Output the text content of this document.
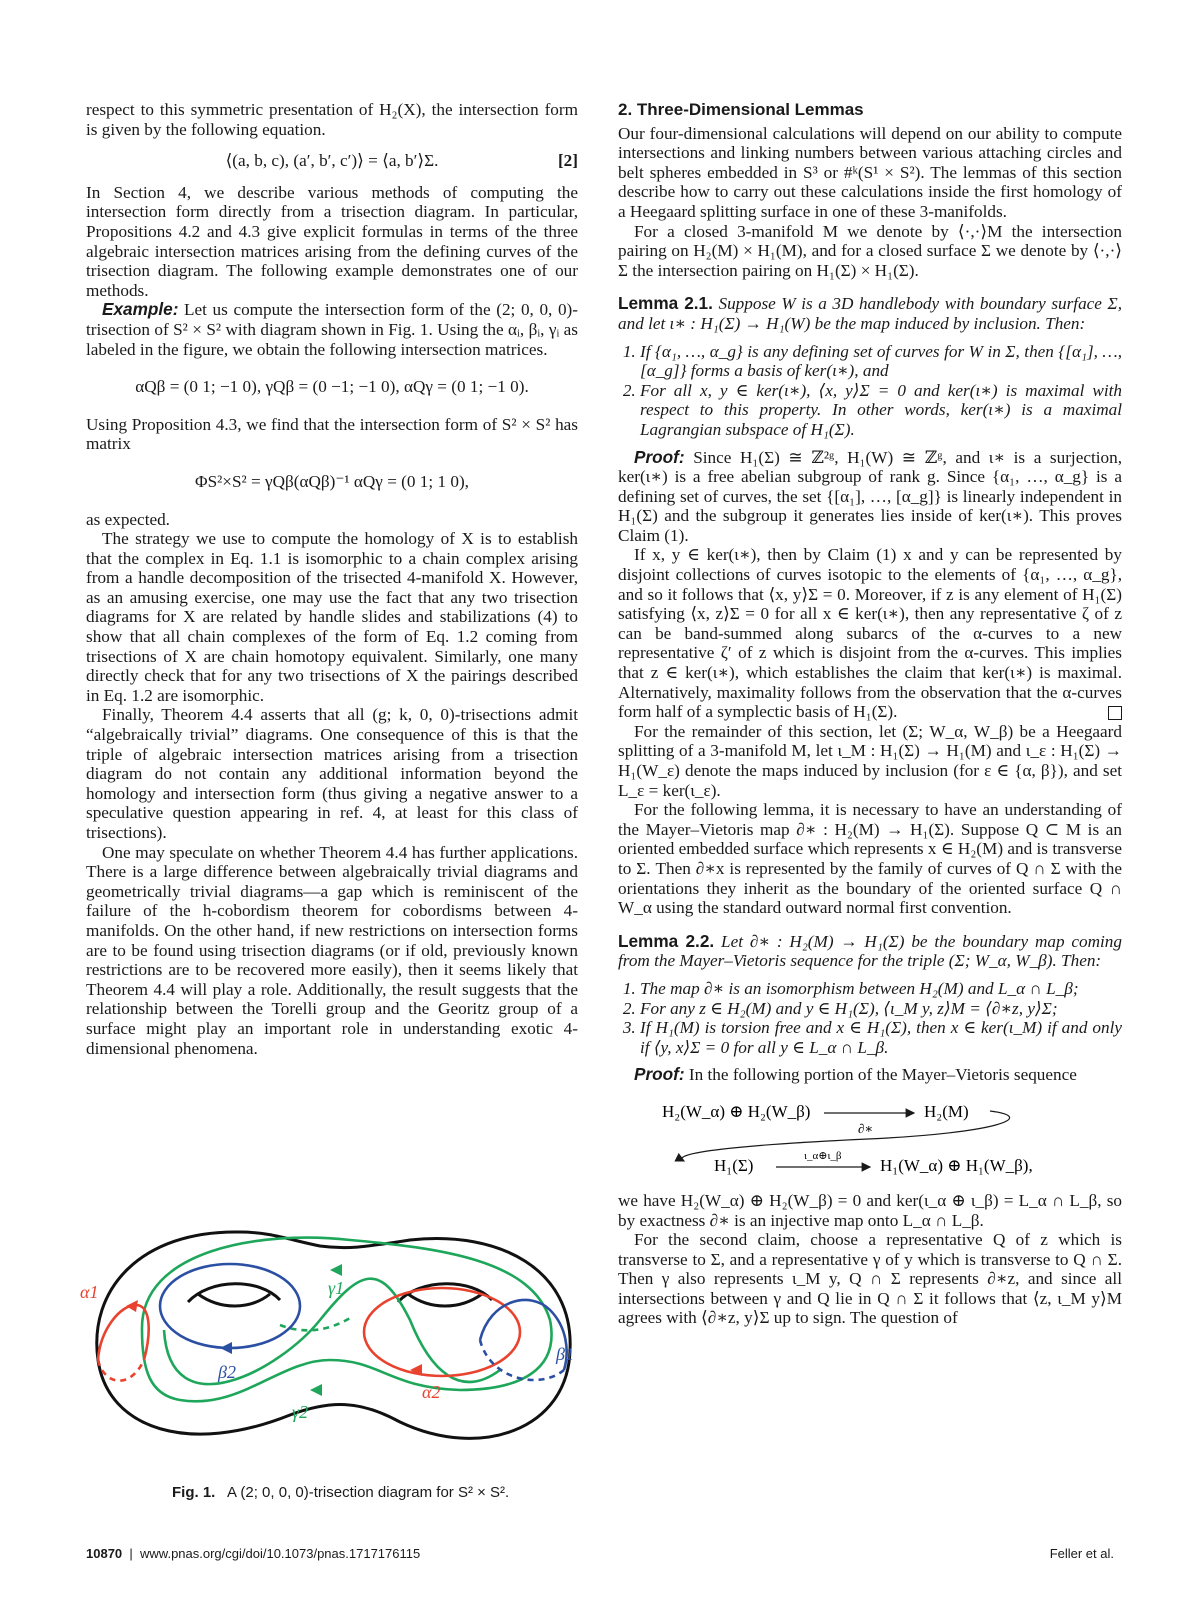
respect to this symmetric presentation of H₂(X), the intersection form is given by the following equation.

⟨(a, b, c), (a′, b′, c′)⟩ = ⟨a, b′⟩Σ.	[2]

In Section 4, we describe various methods of computing the intersection form directly from a trisection diagram. In particular, Propositions 4.2 and 4.3 give explicit formulas in terms of the three algebraic intersection matrices arising from the defining curves of the trisection diagram. The following example demonstrates one of our methods.

Example: Let us compute the intersection form of the (2; 0, 0, 0)-trisection of S² × S² with diagram shown in Fig. 1. Using the αᵢ, βᵢ, γᵢ as labeled in the figure, we obtain the following intersection matrices.

αQβ = (0 1; −1 0), γQβ = (0 −1; −1 0), αQγ = (0 1; −1 0).

Using Proposition 4.3, we find that the intersection form of S² × S² has matrix

ΦS²×S² = γQβ(αQβ)⁻¹ αQγ = (0 1; 1 0),

as expected.

The strategy we use to compute the homology of X is to establish that the complex in Eq. 1.1 is isomorphic to a chain complex arising from a handle decomposition of the trisected 4-manifold X. However, as an amusing exercise, one may use the fact that any two trisection diagrams for X are related by handle slides and stabilizations (4) to show that all chain complexes of the form of Eq. 1.2 coming from trisections of X are chain homotopy equivalent. Similarly, one many directly check that for any two trisections of X the pairings described in Eq. 1.2 are isomorphic.

Finally, Theorem 4.4 asserts that all (g; k, 0, 0)-trisections admit “algebraically trivial” diagrams. One consequence of this is that the triple of algebraic intersection matrices arising from a trisection diagram do not contain any additional information beyond the homology and intersection form (thus giving a negative answer to a speculative question appearing in ref. 4, at least for this class of trisections).

One may speculate on whether Theorem 4.4 has further applications. There is a large difference between algebraically trivial diagrams and geometrically trivial diagrams—a gap which is reminiscent of the failure of the h-cobordism theorem for cobordisms between 4-manifolds. On the other hand, if new restrictions on intersection forms are to be found using trisection diagrams (or if old, previously known restrictions are to be recovered more easily), then it seems likely that Theorem 4.4 will play a role. Additionally, the result suggests that the relationship between the Torelli group and the Georitz group of a surface might play an important role in understanding exotic 4-dimensional phenomena.

α1
β2
γ1
α2
γ2
β1
Fig. 1. A (2; 0, 0, 0)-trisection diagram for S² × S².
2. Three-Dimensional Lemmas

Our four-dimensional calculations will depend on our ability to compute intersections and linking numbers between various attaching circles and belt spheres embedded in S³ or #ᵏ(S¹ × S²). The lemmas of this section describe how to carry out these calculations inside the first homology of a Heegaard splitting surface in one of these 3-manifolds.

For a closed 3-manifold M we denote by ⟨·,·⟩M the intersection pairing on H₂(M) × H₁(M), and for a closed surface Σ we denote by ⟨·,·⟩Σ the intersection pairing on H₁(Σ) × H₁(Σ).

Lemma 2.1. Suppose W is a 3D handlebody with boundary surface Σ, and let ι∗ : H₁(Σ) → H₁(W) be the map induced by inclusion. Then:

1. If {α₁, …, α_g} is any defining set of curves for W in Σ, then {[α₁], …, [α_g]} forms a basis of ker(ι∗), and
2. For all x, y ∈ ker(ι∗), ⟨x, y⟩Σ = 0 and ker(ι∗) is maximal with respect to this property. In other words, ker(ι∗) is a maximal Lagrangian subspace of H₁(Σ).

Proof: Since H₁(Σ) ≅ ℤ²ᵍ, H₁(W) ≅ ℤᵍ, and ι∗ is a surjection, ker(ι∗) is a free abelian subgroup of rank g. Since {α₁, …, α_g} is a defining set of curves, the set {[α₁], …, [α_g]} is linearly independent in H₁(Σ) and the subgroup it generates lies inside of ker(ι∗). This proves Claim (1).

If x, y ∈ ker(ι∗), then by Claim (1) x and y can be represented by disjoint collections of curves isotopic to the elements of {α₁, …, α_g}, and so it follows that ⟨x, y⟩Σ = 0. Moreover, if z is any element of H₁(Σ) satisfying ⟨x, z⟩Σ = 0 for all x ∈ ker(ι∗), then any representative ζ of z can be band-summed along subarcs of the α-curves to a new representative ζ′ of z which is disjoint from the α-curves. This implies that z ∈ ker(ι∗), which establishes the claim that ker(ι∗) is maximal. Alternatively, maximality follows from the observation that the α-curves form half of a symplectic basis of H₁(Σ).

For the remainder of this section, let (Σ; W_α, W_β) be a Heegaard splitting of a 3-manifold M, let ι_M : H₁(Σ) → H₁(M) and ι_ε : H₁(Σ) → H₁(W_ε) denote the maps induced by inclusion (for ε ∈ {α, β}), and set L_ε = ker(ι_ε).

For the following lemma, it is necessary to have an understanding of the Mayer–Vietoris map ∂∗ : H₂(M) → H₁(Σ). Suppose Q ⊂ M is an oriented embedded surface which represents x ∈ H₂(M) and is transverse to Σ. Then ∂∗x is represented by the family of curves of Q ∩ Σ with the orientations they inherit as the boundary of the oriented surface Q ∩ W_α using the standard outward normal first convention.

Lemma 2.2. Let ∂∗ : H₂(M) → H₁(Σ) be the boundary map coming from the Mayer–Vietoris sequence for the triple (Σ; W_α, W_β). Then:

1. The map ∂∗ is an isomorphism between H₂(M) and L_α ∩ L_β;
2. For any z ∈ H₂(M) and y ∈ H₁(Σ), ⟨ι_M y, z⟩M = ⟨∂∗z, y⟩Σ;
3. If H₁(M) is torsion free and x ∈ H₁(Σ), then x ∈ ker(ι_M) if and only if ⟨y, x⟩Σ = 0 for all y ∈ L_α ∩ L_β.

Proof: In the following portion of the Mayer–Vietoris sequence

H₂(W_α) ⊕ H₂(W_β)	H₂(M)
∂∗
H₁(Σ)	ι_α⊕ι_β H₁(W_α) ⊕ H₁(W_β),

we have H₂(W_α) ⊕ H₂(W_β) = 0 and ker(ι_α ⊕ ι_β) = L_α ∩ L_β, so by exactness ∂∗ is an injective map onto L_α ∩ L_β.

For the second claim, choose a representative Q of z which is transverse to Σ, and a representative γ of y which is transverse to Q ∩ Σ. Then γ also represents ι_M y, Q ∩ Σ represents ∂∗z, and since all intersections between γ and Q lie in Q ∩ Σ it follows that ⟨z, ι_M y⟩M agrees with ⟨∂∗z, y⟩Σ up to sign. The question of

10870 | www.pnas.org/cgi/doi/10.1073/pnas.1717176115	Feller et al.
